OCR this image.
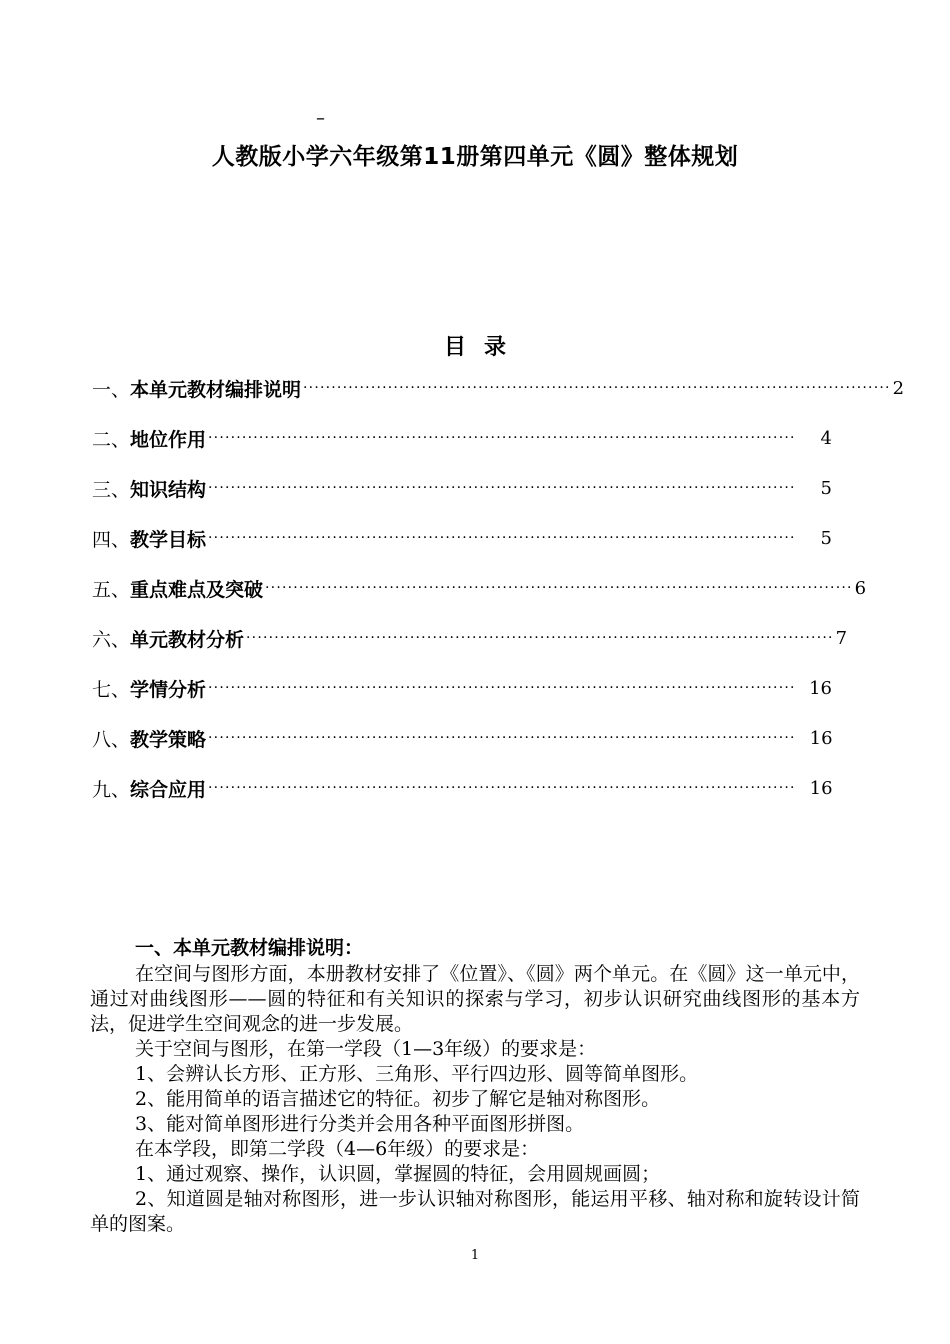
–
人教版小学六年级第11册第四单元《圆》整体规划
目录
一、 本单元教材编排说明 ········································································································ 2
二、 地位作用 ········································································································	4
三、 知识结构 ········································································································	5
四、 教学目标 ········································································································	5
五、 重点难点及突破 ········································································································ 6
六、 单元教材分析 ········································································································ 7
七、 学情分析 ········································································································ 16
八、 教学策略 ········································································································ 16
九、 综合应用 ········································································································ 16
一、本单元教材编排说明：

在空间与图形方面，本册教材安排了《位置》、《圆》两个单元。在《圆》这一单元中，通过对曲线图形——圆的特征和有关知识的探索与学习，初步认识研究曲线图形的基本方法，促进学生空间观念的进一步发展。

关于空间与图形，在第一学段（1—3年级）的要求是：

1、会辨认长方形、正方形、三角形、平行四边形、圆等简单图形。

2、能用简单的语言描述它的特征。初步了解它是轴对称图形。

3、能对简单图形进行分类并会用各种平面图形拼图。

在本学段，即第二学段（4—6年级）的要求是：

1、通过观察、操作，认识圆，掌握圆的特征，会用圆规画圆；

2、知道圆是轴对称图形，进一步认识轴对称图形，能运用平移、轴对称和旋转设计简单的图案。

1
